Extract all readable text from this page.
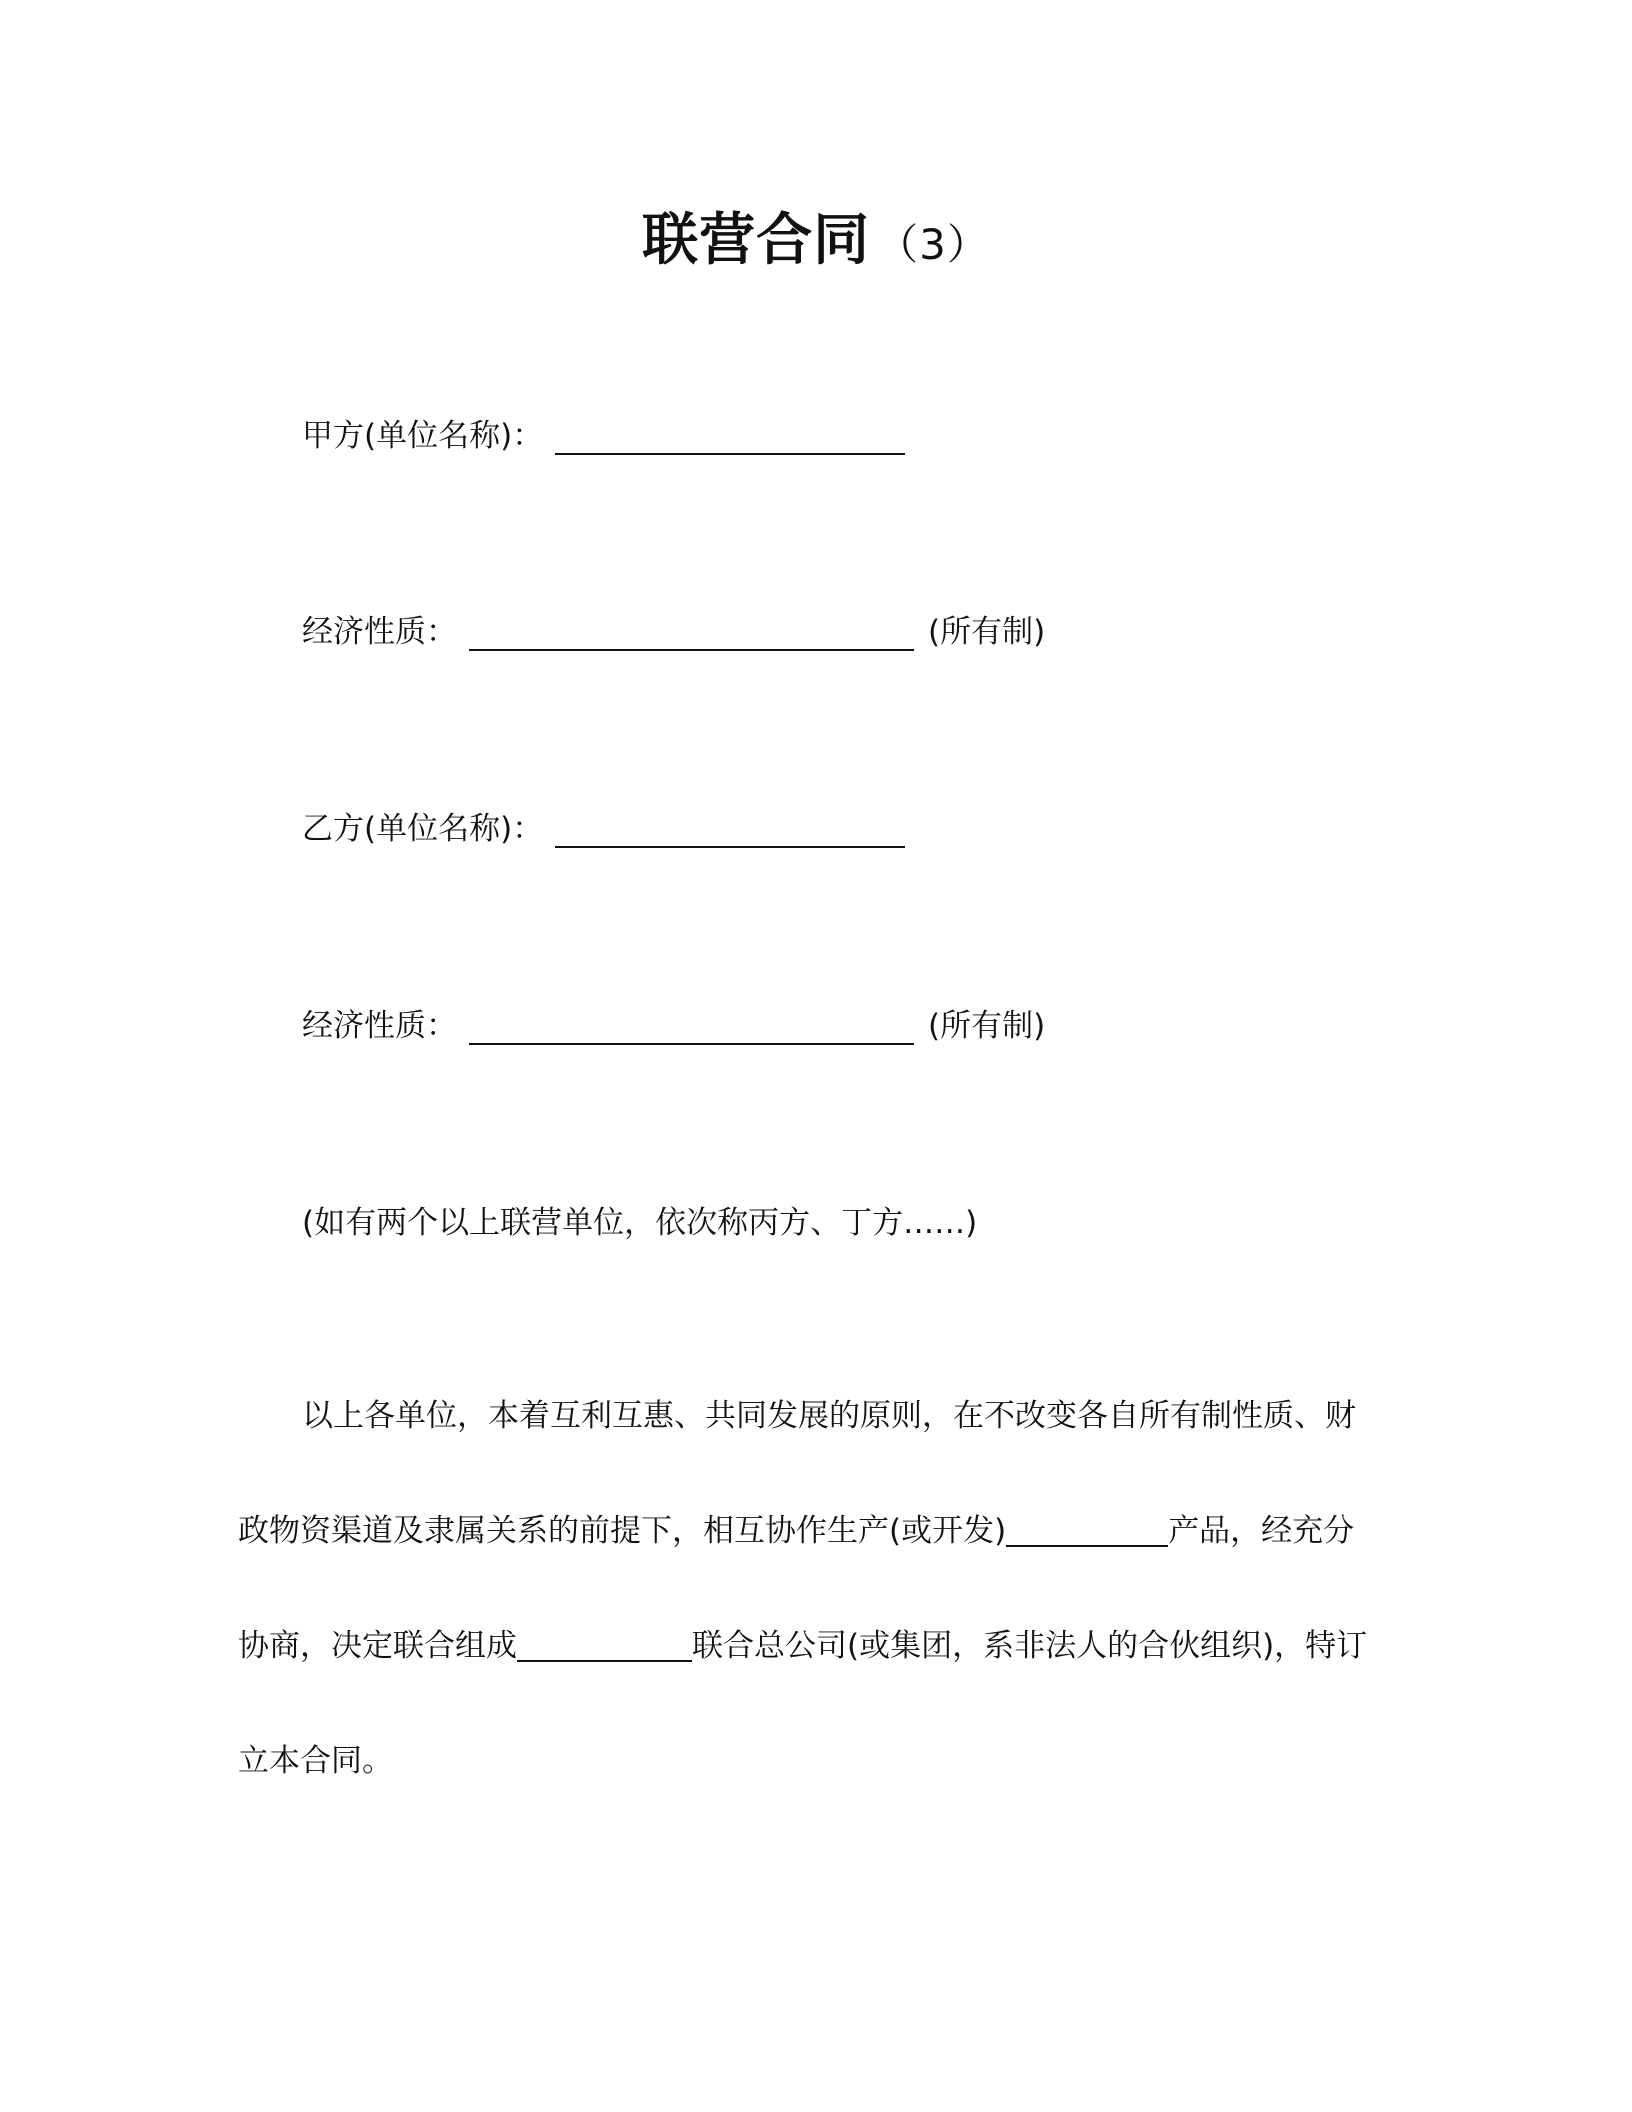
联营合同 （3）
甲方(单位名称)：
经济性质：	(所有制)
乙方(单位名称)：
经济性质：	(所有制)
(如有两个以上联营单位，依次称丙方、丁方……)
以上各单位，本着互利互惠、共同发展的原则，在不改变各自所有制性质、财
政物资渠道及隶属关系的前提下，相互协作生产(或开发)	产品，经充分
协商，决定联合组成	联合总公司(或集团，系非法人的合伙组织)，特订
立本合同。
